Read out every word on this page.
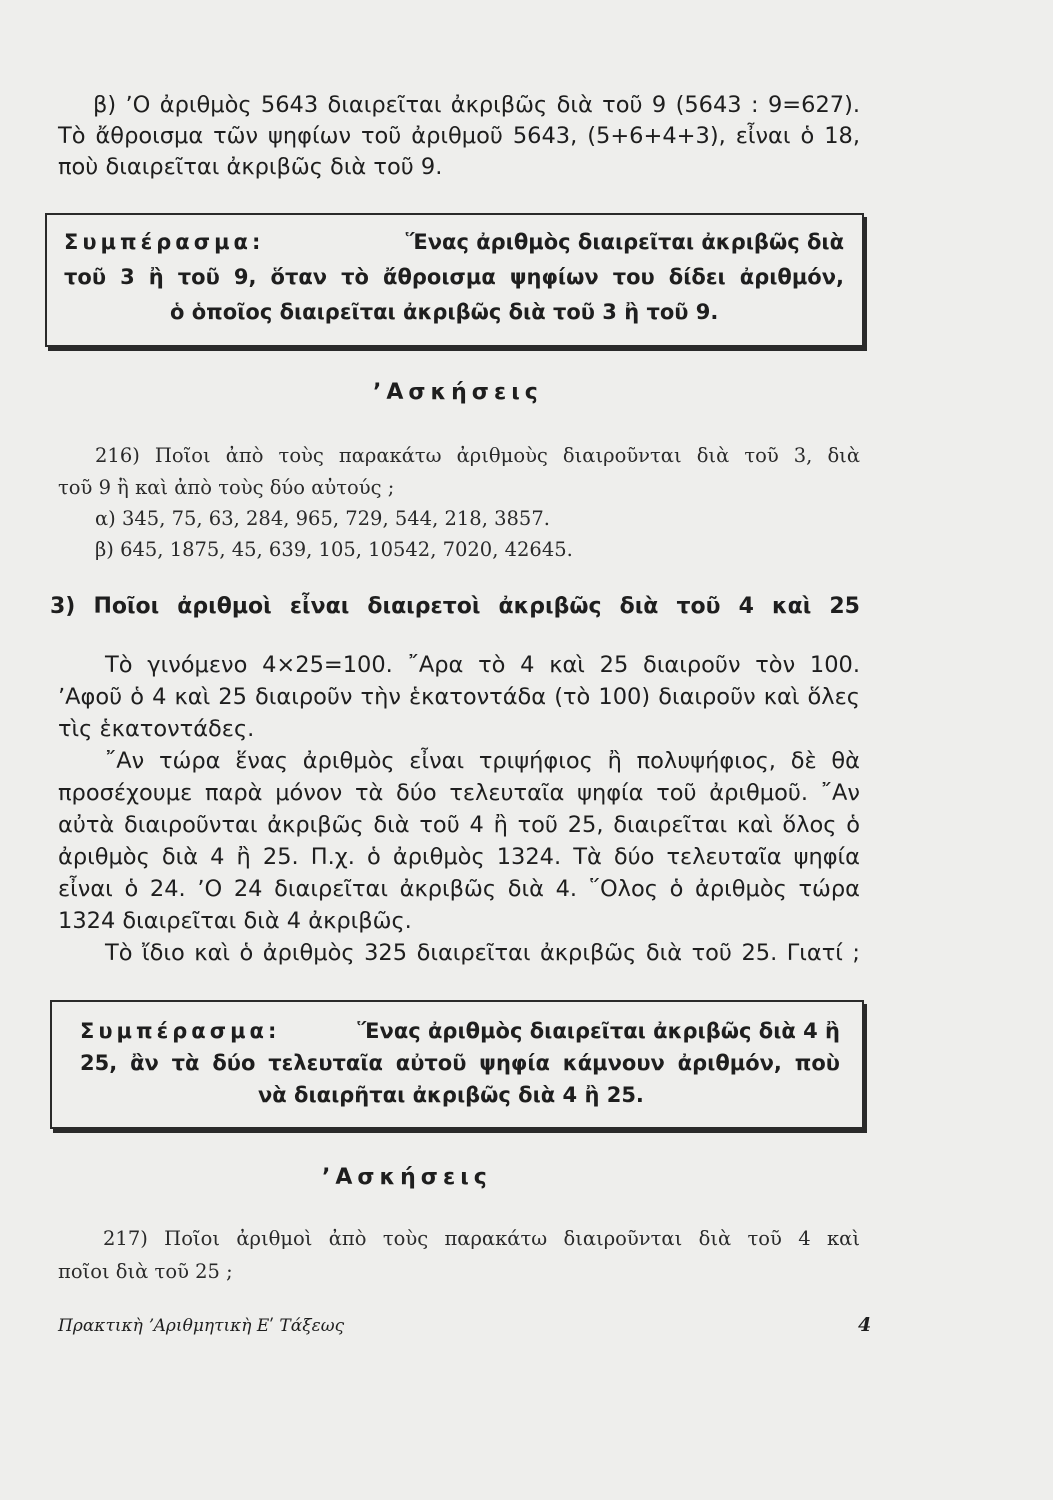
β) ʼΟ ἀριθμὸς 5643 διαιρεῖται ἀκριβῶς διὰ τοῦ 9 (5643 : 9=627).
Τὸ ἄθροισμα τῶν ψηφίων τοῦ ἀριθμοῦ 5643, (5+6+4+3), εἶναι ὁ 18,
ποὺ διαιρεῖται ἀκριβῶς διὰ τοῦ 9.
Συμπέρασμα:	Ἕνας ἀριθμὸς διαιρεῖται ἀκριβῶς διὰ
τοῦ 3 ἢ τοῦ 9, ὅταν τὸ ἄθροισμα ψηφίων του δίδει ἀριθμόν,
ὁ ὁποῖος διαιρεῖται ἀκριβῶς διὰ τοῦ 3 ἢ τοῦ 9.
ʼΑσκήσεις
216) Ποῖοι ἀπὸ τοὺς παρακάτω ἀριθμοὺς διαιροῦνται διὰ τοῦ 3, διὰ
τοῦ 9 ἢ καὶ ἀπὸ τοὺς δύο αὐτούς ;
α) 345, 75, 63, 284, 965, 729, 544, 218, 3857.
β) 645, 1875, 45, 639, 105, 10542, 7020, 42645.
3) Ποῖοι ἀριθμοὶ εἶναι διαιρετοὶ ἀκριβῶς διὰ τοῦ 4 καὶ 25
Τὸ γινόμενο 4×25=100. ῎Αρα τὸ 4 καὶ 25 διαιροῦν τὸν 100.
ʼΑφοῦ ὁ 4 καὶ 25 διαιροῦν τὴν ἑκατοντάδα (τὸ 100) διαιροῦν καὶ ὅλες
τὶς ἑκατοντάδες.
῎Αν τώρα ἕνας ἀριθμὸς εἶναι τριψήφιος ἢ πολυψήφιος, δὲ θὰ
προσέχουμε παρὰ μόνον τὰ δύο τελευταῖα ψηφία τοῦ ἀριθμοῦ. ῎Αν
αὐτὰ διαιροῦνται ἀκριβῶς διὰ τοῦ 4 ἢ τοῦ 25, διαιρεῖται καὶ ὅλος ὁ
ἀριθμὸς διὰ 4 ἢ 25. Π.χ. ὁ ἀριθμὸς 1324. Τὰ δύο τελευταῖα ψηφία
εἶναι ὁ 24. ʼΟ 24 διαιρεῖται ἀκριβῶς διὰ 4. ῞Ολος ὁ ἀριθμὸς τώρα
1324 διαιρεῖται διὰ 4 ἀκριβῶς.
Τὸ ἴδιο καὶ ὁ ἀριθμὸς 325 διαιρεῖται ἀκριβῶς διὰ τοῦ 25. Γιατί ;
Συμπέρασμα:	Ἕνας ἀριθμὸς διαιρεῖται ἀκριβῶς διὰ 4 ἢ
25, ἂν τὰ δύο τελευταῖα αὐτοῦ ψηφία κάμνουν ἀριθμόν, ποὺ
νὰ διαιρῆται ἀκριβῶς διὰ 4 ἢ 25.
ʼΑσκήσεις
217) Ποῖοι ἀριθμοὶ ἀπὸ τοὺς παρακάτω διαιροῦνται διὰ τοῦ 4 καὶ
ποῖοι διὰ τοῦ 25 ;
Πρακτικὴ ʼΑριθμητικὴ Εʹ Τάξεως	4
